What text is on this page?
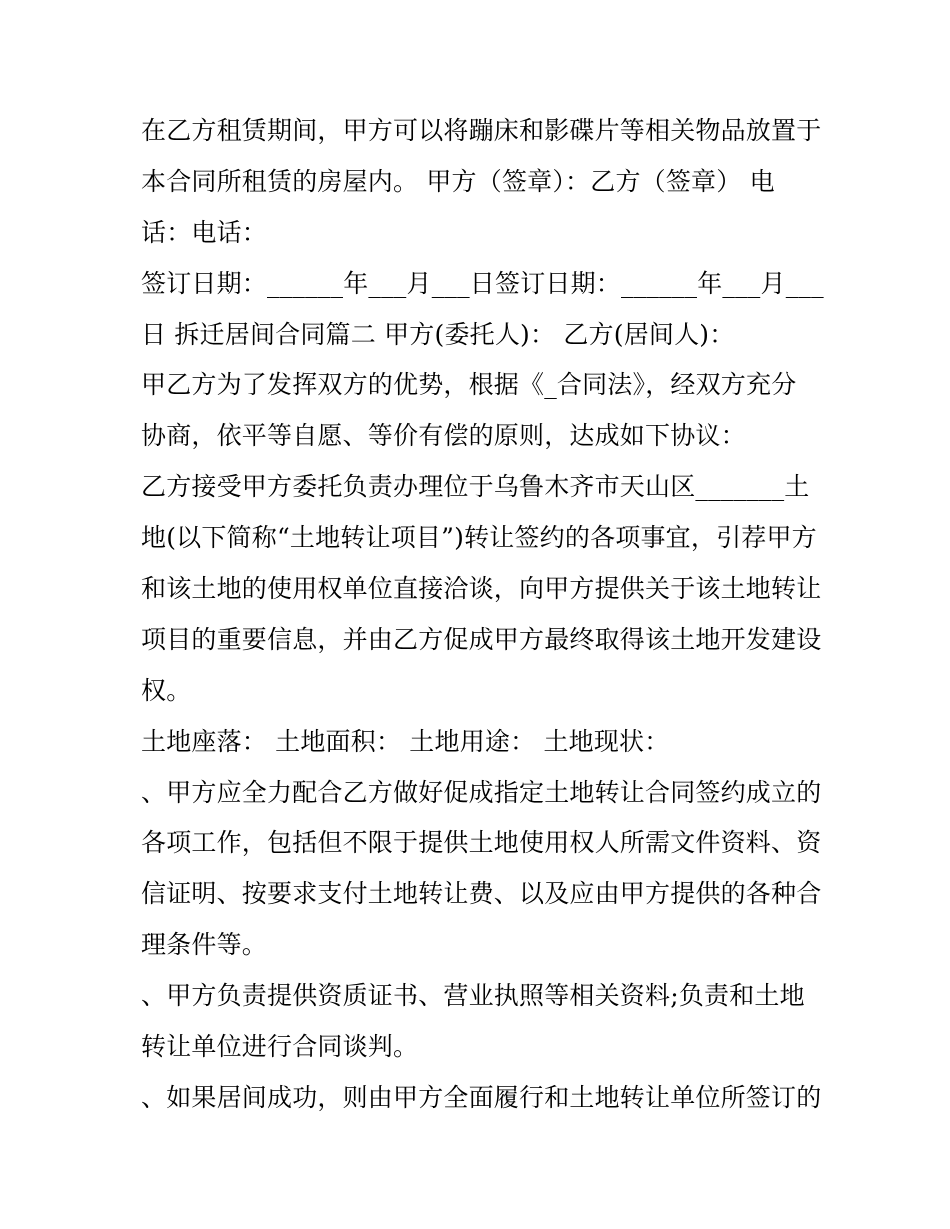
在乙方租赁期间，甲方可以将蹦床和影碟片等相关物品放置于
本合同所租赁的房屋内。 甲方（签章）：乙方（签章） 电
话：电话：
签订日期：______年___月___日签订日期：______年___月___
日 拆迁居间合同篇二 甲方(委托人)： 乙方(居间人)：
甲乙方为了发挥双方的优势，根据《_合同法》，经双方充分
协商，依平等自愿、等价有偿的原则，达成如下协议：
乙方接受甲方委托负责办理位于乌鲁木齐市天山区_______土
地(以下简称“土地转让项目”)转让签约的各项事宜，引荐甲方
和该土地的使用权单位直接洽谈，向甲方提供关于该土地转让
项目的重要信息，并由乙方促成甲方最终取得该土地开发建设
权。
土地座落： 土地面积： 土地用途： 土地现状：
、甲方应全力配合乙方做好促成指定土地转让合同签约成立的
各项工作，包括但不限于提供土地使用权人所需文件资料、资
信证明、按要求支付土地转让费、以及应由甲方提供的各种合
理条件等。
、甲方负责提供资质证书、营业执照等相关资料;负责和土地
转让单位进行合同谈判。
、如果居间成功，则由甲方全面履行和土地转让单位所签订的
